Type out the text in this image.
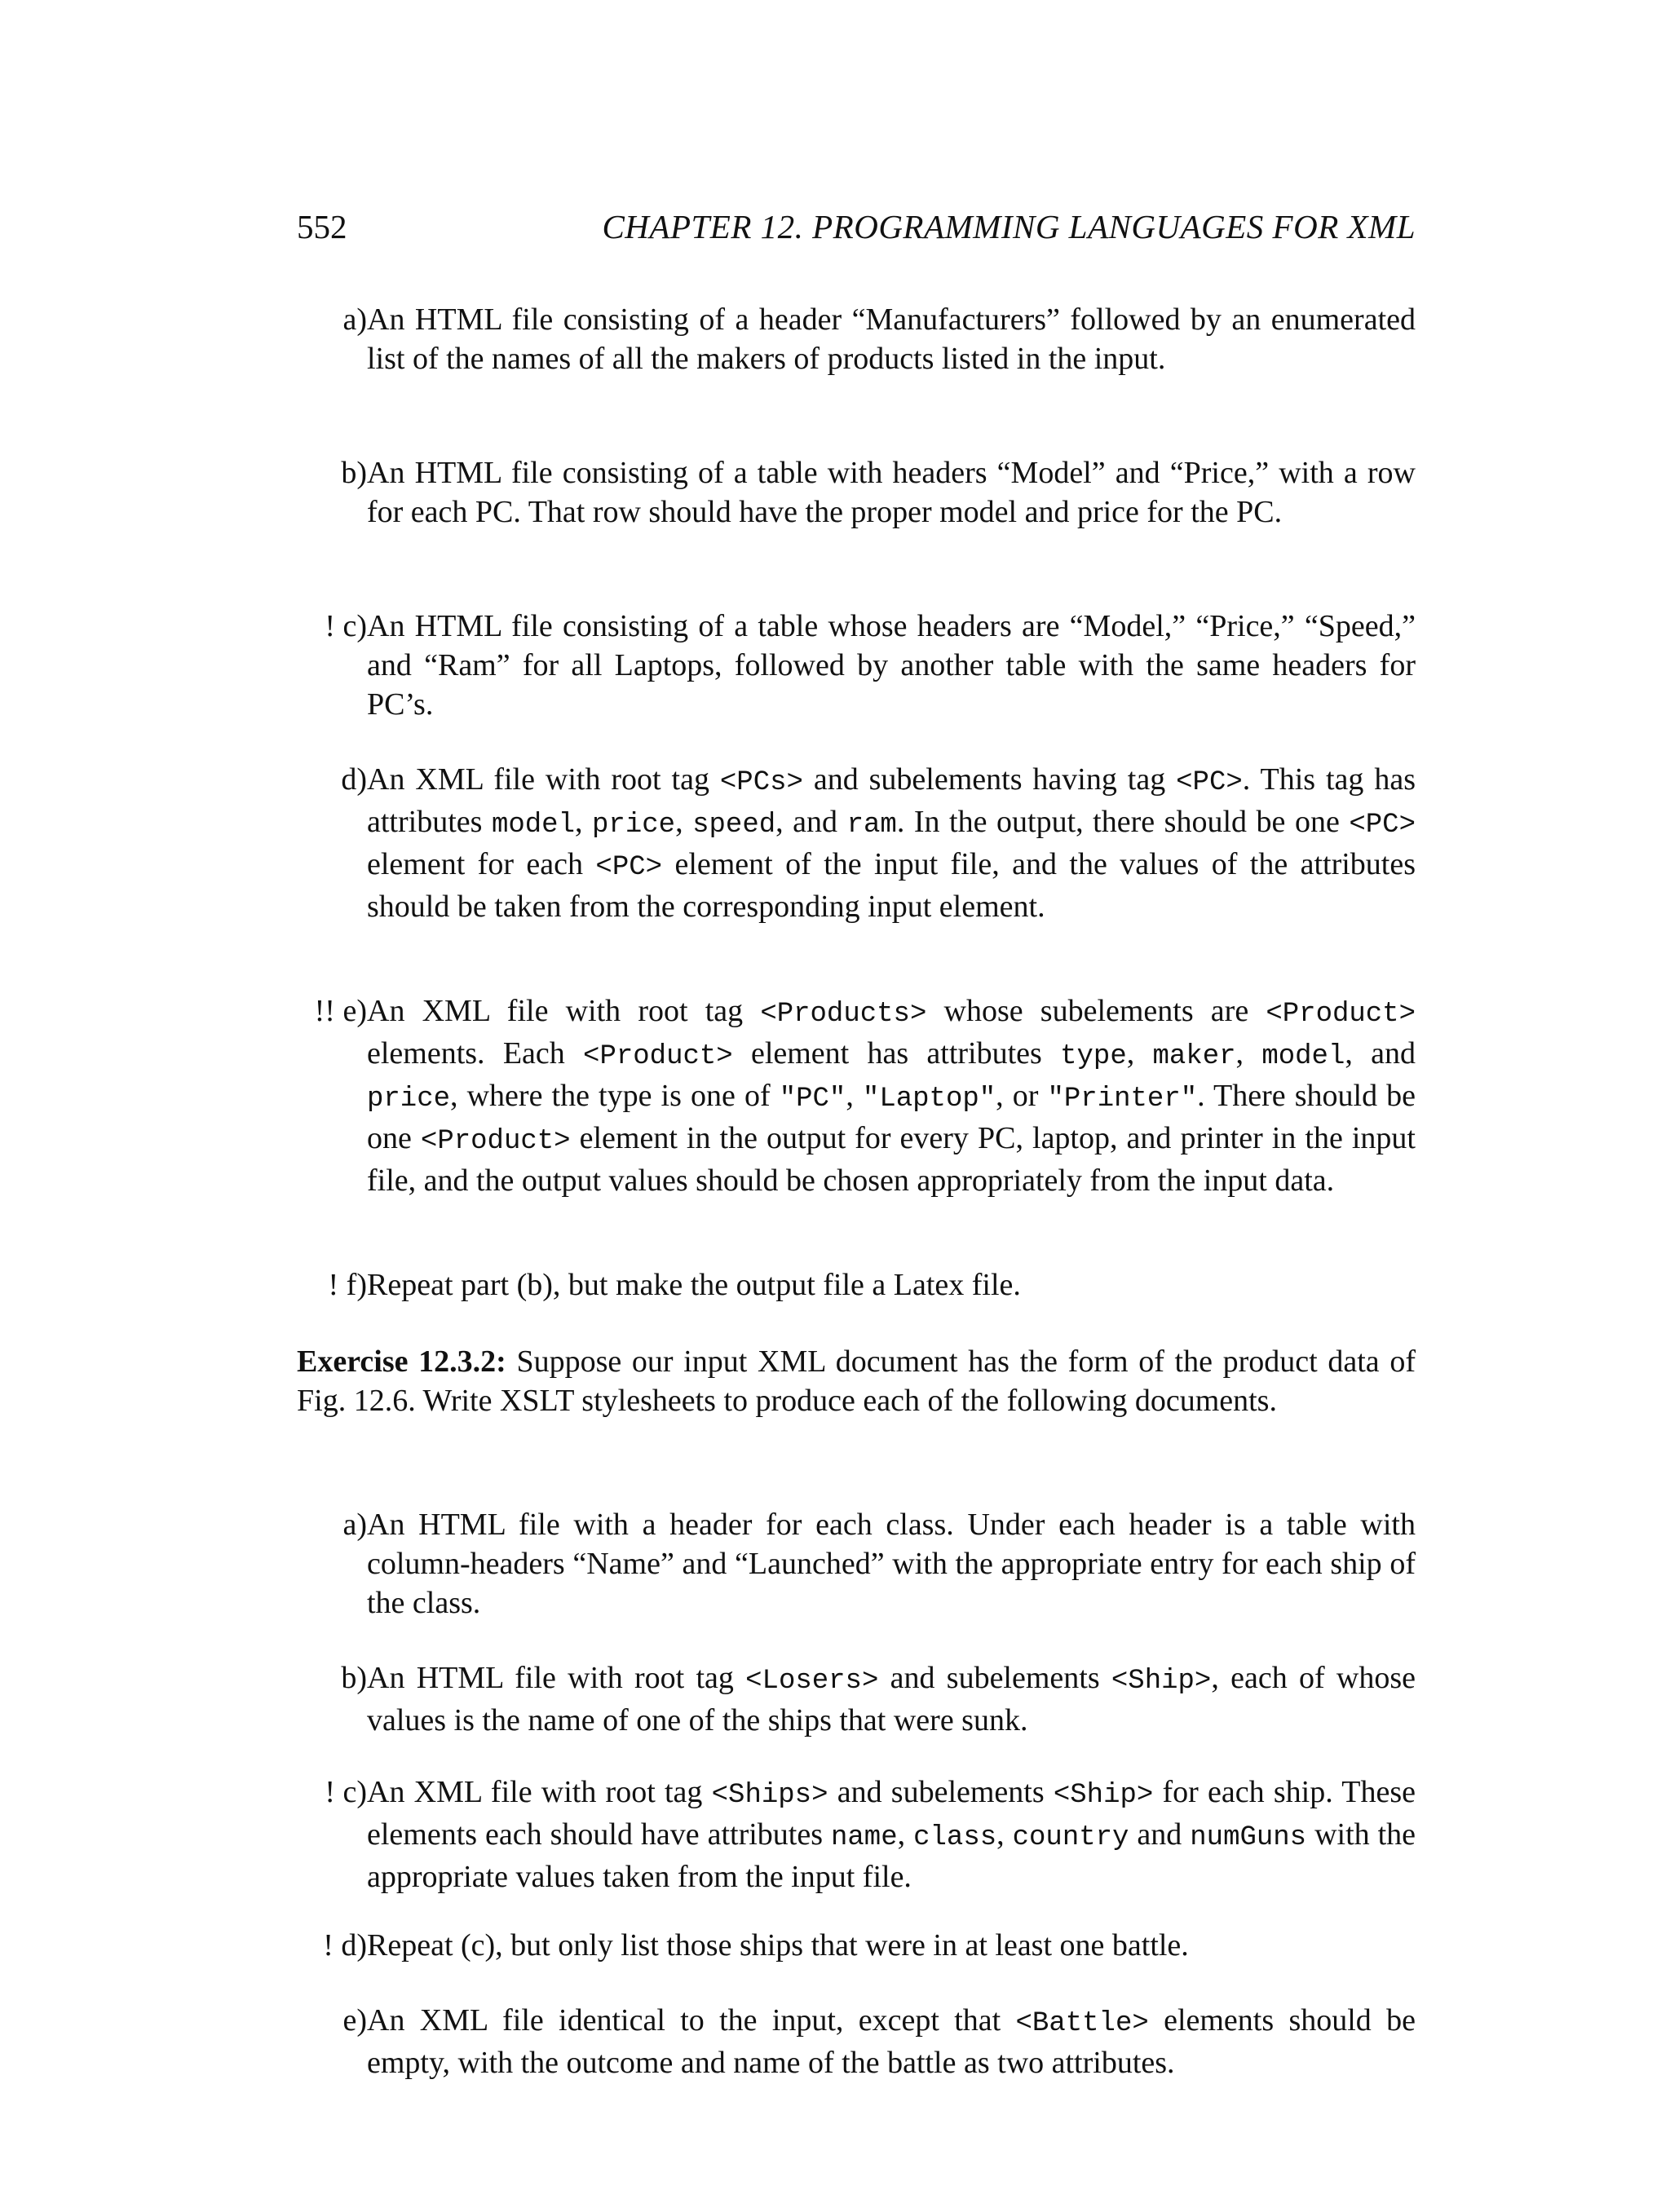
552	CHAPTER 12. PROGRAMMING LANGUAGES FOR XML
a) An HTML file consisting of a header “Manufacturers” followed by an enumerated list of the names of all the makers of products listed in the input.
b) An HTML file consisting of a table with headers “Model” and “Price,” with a row for each PC. That row should have the proper model and price for the PC.
! c) An HTML file consisting of a table whose headers are “Model,” “Price,” “Speed,” and “Ram” for all Laptops, followed by another table with the same headers for PC’s.
d) An XML file with root tag <PCs> and subelements having tag <PC>. This tag has attributes model, price, speed, and ram. In the output, there should be one <PC> element for each <PC> element of the input file, and the values of the attributes should be taken from the corresponding input element.
!! e) An XML file with root tag <Products> whose subelements are <Product> elements. Each <Product> element has attributes type, maker, model, and price, where the type is one of "PC", "Laptop", or "Printer". There should be one <Product> element in the output for every PC, laptop, and printer in the input file, and the output values should be chosen appropriately from the input data.
! f) Repeat part (b), but make the output file a Latex file.
Exercise 12.3.2: Suppose our input XML document has the form of the product data of Fig. 12.6. Write XSLT stylesheets to produce each of the following documents.
a) An HTML file with a header for each class. Under each header is a table with column-headers “Name” and “Launched” with the appropriate entry for each ship of the class.
b) An HTML file with root tag <Losers> and subelements <Ship>, each of whose values is the name of one of the ships that were sunk.
! c) An XML file with root tag <Ships> and subelements <Ship> for each ship. These elements each should have attributes name, class, country and numGuns with the appropriate values taken from the input file.
! d) Repeat (c), but only list those ships that were in at least one battle.
e) An XML file identical to the input, except that <Battle> elements should be empty, with the outcome and name of the battle as two attributes.
